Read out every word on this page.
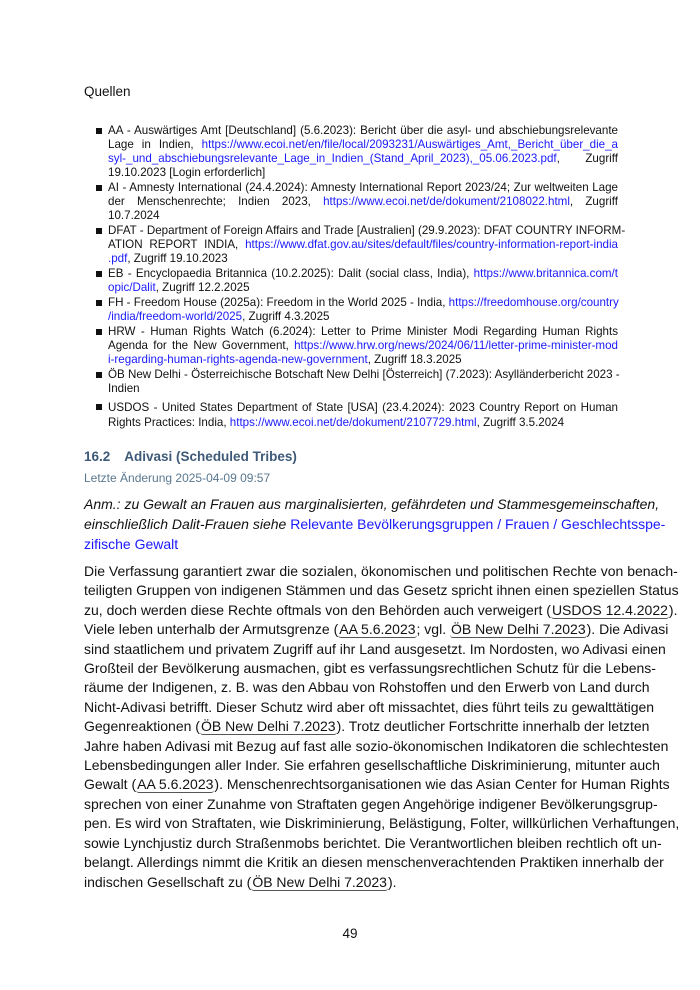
Quellen
AA - Auswärtiges Amt [Deutschland] (5.6.2023): Bericht über die asyl- und abschiebungsrelevante
Lage in Indien, https://www.ecoi.net/en/file/local/2093231/Auswärtiges_Amt,_Bericht_über_die_a
syl-_und_abschiebungsrelevante_Lage_in_Indien_(Stand_April_2023),_05.06.2023.pdf, Zugriff
19.10.2023 [Login erforderlich]
AI - Amnesty International (24.4.2024): Amnesty International Report 2023/24; Zur weltweiten Lage
der Menschenrechte; Indien 2023, https://www.ecoi.net/de/dokument/2108022.html, Zugriff
10.7.2024
DFAT - Department of Foreign Affairs and Trade [Australien] (29.9.2023): DFAT COUNTRY INFORM-
ATION REPORT INDIA, https://www.dfat.gov.au/sites/default/files/country-information-report-india
.pdf, Zugriff 19.10.2023
EB - Encyclopaedia Britannica (10.2.2025): Dalit (social class, India), https://www.britannica.com/t
opic/Dalit, Zugriff 12.2.2025
FH - Freedom House (2025a): Freedom in the World 2025 - India, https://freedomhouse.org/country
/india/freedom-world/2025, Zugriff 4.3.2025
HRW - Human Rights Watch (6.2024): Letter to Prime Minister Modi Regarding Human Rights
Agenda for the New Government, https://www.hrw.org/news/2024/06/11/letter-prime-minister-mod
i-regarding-human-rights-agenda-new-government, Zugriff 18.3.2025
ÖB New Delhi - Österreichische Botschaft New Delhi [Österreich] (7.2023): Asylländerbericht 2023 -
Indien
USDOS - United States Department of State [USA] (23.4.2024): 2023 Country Report on Human
Rights Practices: India, https://www.ecoi.net/de/dokument/2107729.html, Zugriff 3.5.2024
16.2 Adivasi (Scheduled Tribes)
Letzte Änderung 2025-04-09 09:57
Anm.: zu Gewalt an Frauen aus marginalisierten, gefährdeten und Stammesgemeinschaften,
einschließlich Dalit-Frauen siehe Relevante Bevölkerungsgruppen / Frauen / Geschlechtsspe-
zifische Gewalt
Die Verfassung garantiert zwar die sozialen, ökonomischen und politischen Rechte von benach-
teiligten Gruppen von indigenen Stämmen und das Gesetz spricht ihnen einen speziellen Status
zu, doch werden diese Rechte oftmals von den Behörden auch verweigert (USDOS 12.4.2022).
Viele leben unterhalb der Armutsgrenze (AA 5.6.2023; vgl. ÖB New Delhi 7.2023). Die Adivasi
sind staatlichem und privatem Zugriff auf ihr Land ausgesetzt. Im Nordosten, wo Adivasi einen
Großteil der Bevölkerung ausmachen, gibt es verfassungsrechtlichen Schutz für die Lebens-
räume der Indigenen, z. B. was den Abbau von Rohstoffen und den Erwerb von Land durch
Nicht-Adivasi betrifft. Dieser Schutz wird aber oft missachtet, dies führt teils zu gewalttätigen
Gegenreaktionen (ÖB New Delhi 7.2023). Trotz deutlicher Fortschritte innerhalb der letzten
Jahre haben Adivasi mit Bezug auf fast alle sozio-ökonomischen Indikatoren die schlechtesten
Lebensbedingungen aller Inder. Sie erfahren gesellschaftliche Diskriminierung, mitunter auch
Gewalt (AA 5.6.2023). Menschenrechtsorganisationen wie das Asian Center for Human Rights
sprechen von einer Zunahme von Straftaten gegen Angehörige indigener Bevölkerungsgrup-
pen. Es wird von Straftaten, wie Diskriminierung, Belästigung, Folter, willkürlichen Verhaftungen,
sowie Lynchjustiz durch Straßenmobs berichtet. Die Verantwortlichen bleiben rechtlich oft un-
belangt. Allerdings nimmt die Kritik an diesen menschenverachtenden Praktiken innerhalb der
indischen Gesellschaft zu (ÖB New Delhi 7.2023).
49
